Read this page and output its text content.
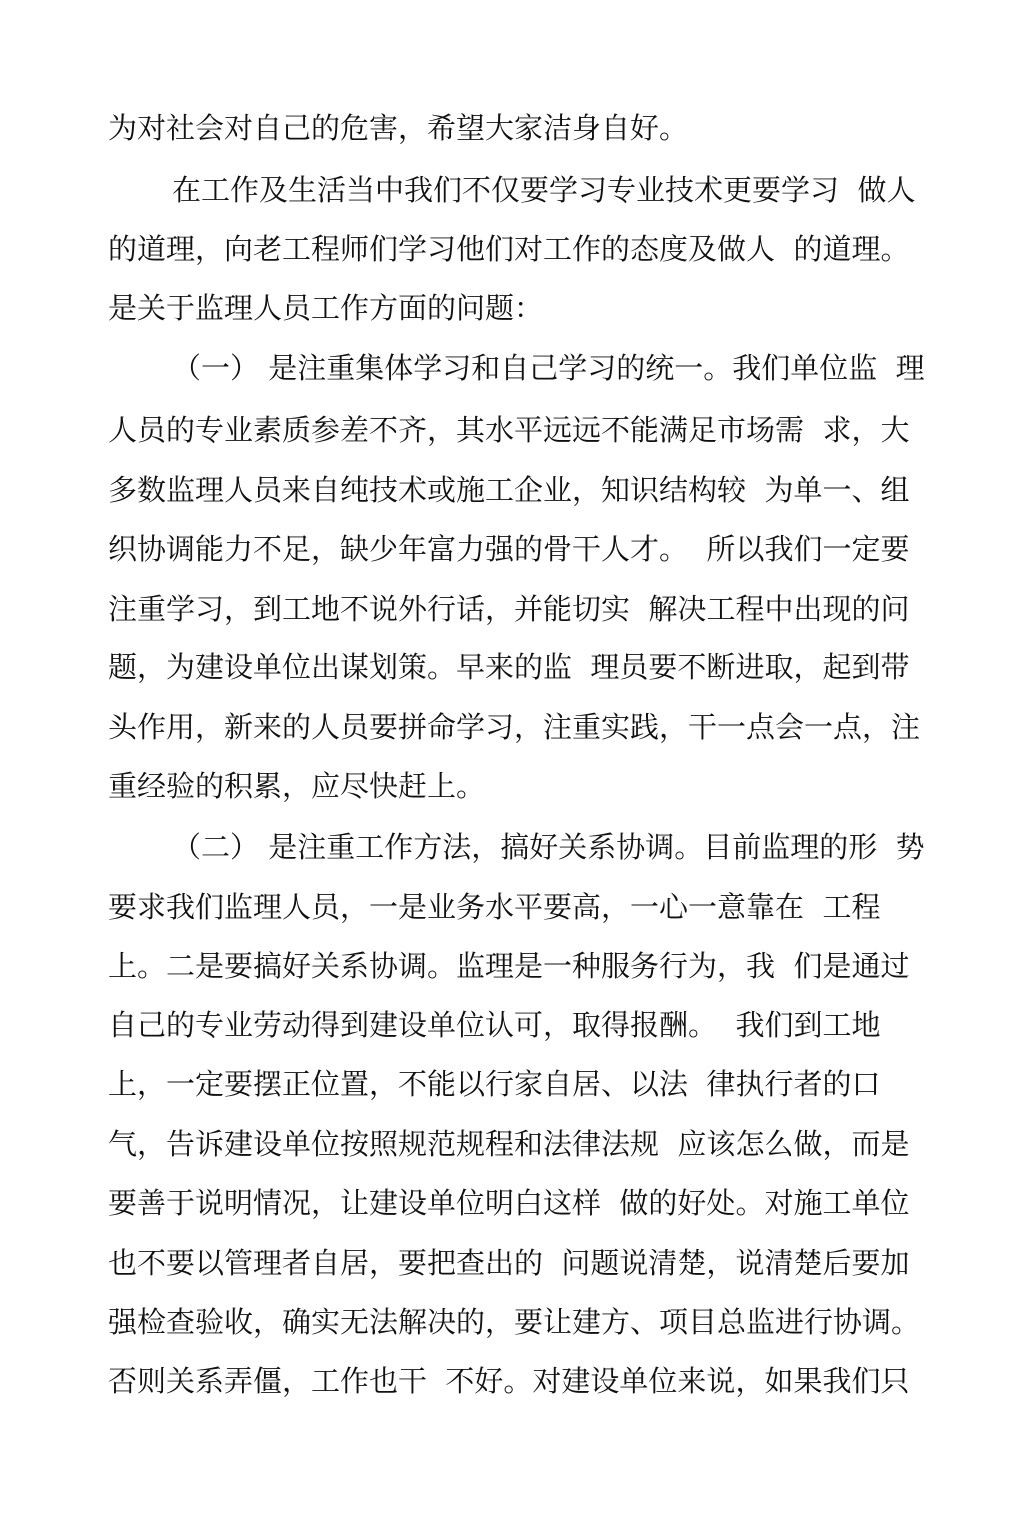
为对社会对自己的危害，希望大家洁身自好。
在工作及生活当中我们不仅要学习专业技术更要学习  做人
的道理，向老工程师们学习他们对工作的态度及做人  的道理。
是关于监理人员工作方面的问题：
（一） 是注重集体学习和自己学习的统一。我们单位监  理
人员的专业素质参差不齐，其水平远远不能满足市场需  求，大
多数监理人员来自纯技术或施工企业，知识结构较  为单一、组
织协调能力不足，缺少年富力强的骨干人才。  所以我们一定要
注重学习，到工地不说外行话，并能切实  解决工程中出现的问
题，为建设单位出谋划策。早来的监  理员要不断进取，起到带
头作用，新来的人员要拼命学习，注重实践，干一点会一点，注
重经验的积累，应尽快赶上。
（二） 是注重工作方法，搞好关系协调。目前监理的形  势
要求我们监理人员，一是业务水平要高，一心一意靠在  工程
上。二是要搞好关系协调。监理是一种服务行为，我  们是通过
自己的专业劳动得到建设单位认可，取得报酬。  我们到工地
上，一定要摆正位置，不能以行家自居、以法  律执行者的口
气，告诉建设单位按照规范规程和法律法规  应该怎么做，而是
要善于说明情况，让建设单位明白这样  做的好处。对施工单位
也不要以管理者自居，要把查出的  问题说清楚，说清楚后要加
强检查验收，确实无法解决的，要让建方、项目总监进行协调。
否则关系弄僵，工作也干  不好。对建设单位来说，如果我们只
